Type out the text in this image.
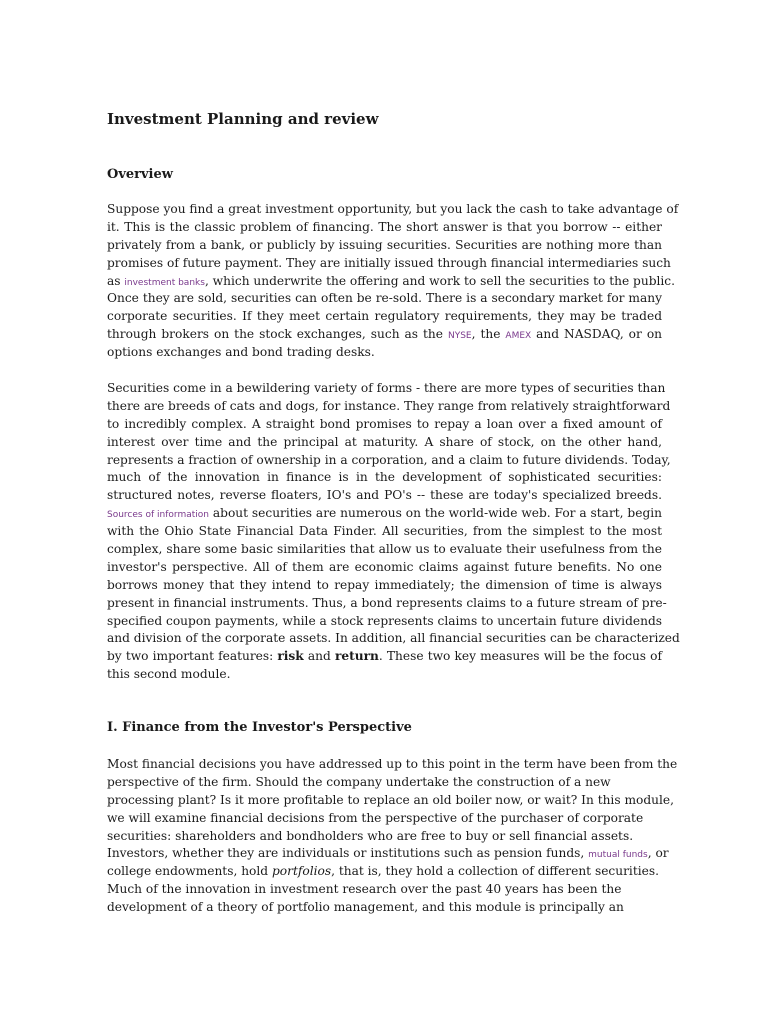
Investment Planning and review
Overview
Suppose you find a great investment opportunity, but you lack the cash to take advantage of
it. This is the classic problem of financing. The short answer is that you borrow -- either
privately from a bank, or publicly by issuing securities. Securities are nothing more than
promises of future payment. They are initially issued through financial intermediaries such
as investment banks, which underwrite the offering and work to sell the securities to the public.
Once they are sold, securities can often be re-sold. There is a secondary market for many
corporate securities. If they meet certain regulatory requirements, they may be traded
through brokers on the stock exchanges, such as the NYSE, the AMEX and NASDAQ, or on
options exchanges and bond trading desks.
Securities come in a bewildering variety of forms - there are more types of securities than
there are breeds of cats and dogs, for instance. They range from relatively straightforward
to incredibly complex. A straight bond promises to repay a loan over a fixed amount of
interest over time and the principal at maturity. A share of stock, on the other hand,
represents a fraction of ownership in a corporation, and a claim to future dividends. Today,
much of the innovation in finance is in the development of sophisticated securities:
structured notes, reverse floaters, IO's and PO's -- these are today's specialized breeds.
Sources of information about securities are numerous on the world-wide web. For a start, begin
with the Ohio State Financial Data Finder. All securities, from the simplest to the most
complex, share some basic similarities that allow us to evaluate their usefulness from the
investor's perspective. All of them are economic claims against future benefits. No one
borrows money that they intend to repay immediately; the dimension of time is always
present in financial instruments. Thus, a bond represents claims to a future stream of pre-
specified coupon payments, while a stock represents claims to uncertain future dividends
and division of the corporate assets. In addition, all financial securities can be characterized
by two important features: risk and return. These two key measures will be the focus of
this second module.
I. Finance from the Investor's Perspective
Most financial decisions you have addressed up to this point in the term have been from the
perspective of the firm. Should the company undertake the construction of a new
processing plant? Is it more profitable to replace an old boiler now, or wait? In this module,
we will examine financial decisions from the perspective of the purchaser of corporate
securities: shareholders and bondholders who are free to buy or sell financial assets.
Investors, whether they are individuals or institutions such as pension funds, mutual funds, or
college endowments, hold portfolios, that is, they hold a collection of different securities.
Much of the innovation in investment research over the past 40 years has been the
development of a theory of portfolio management, and this module is principally an
